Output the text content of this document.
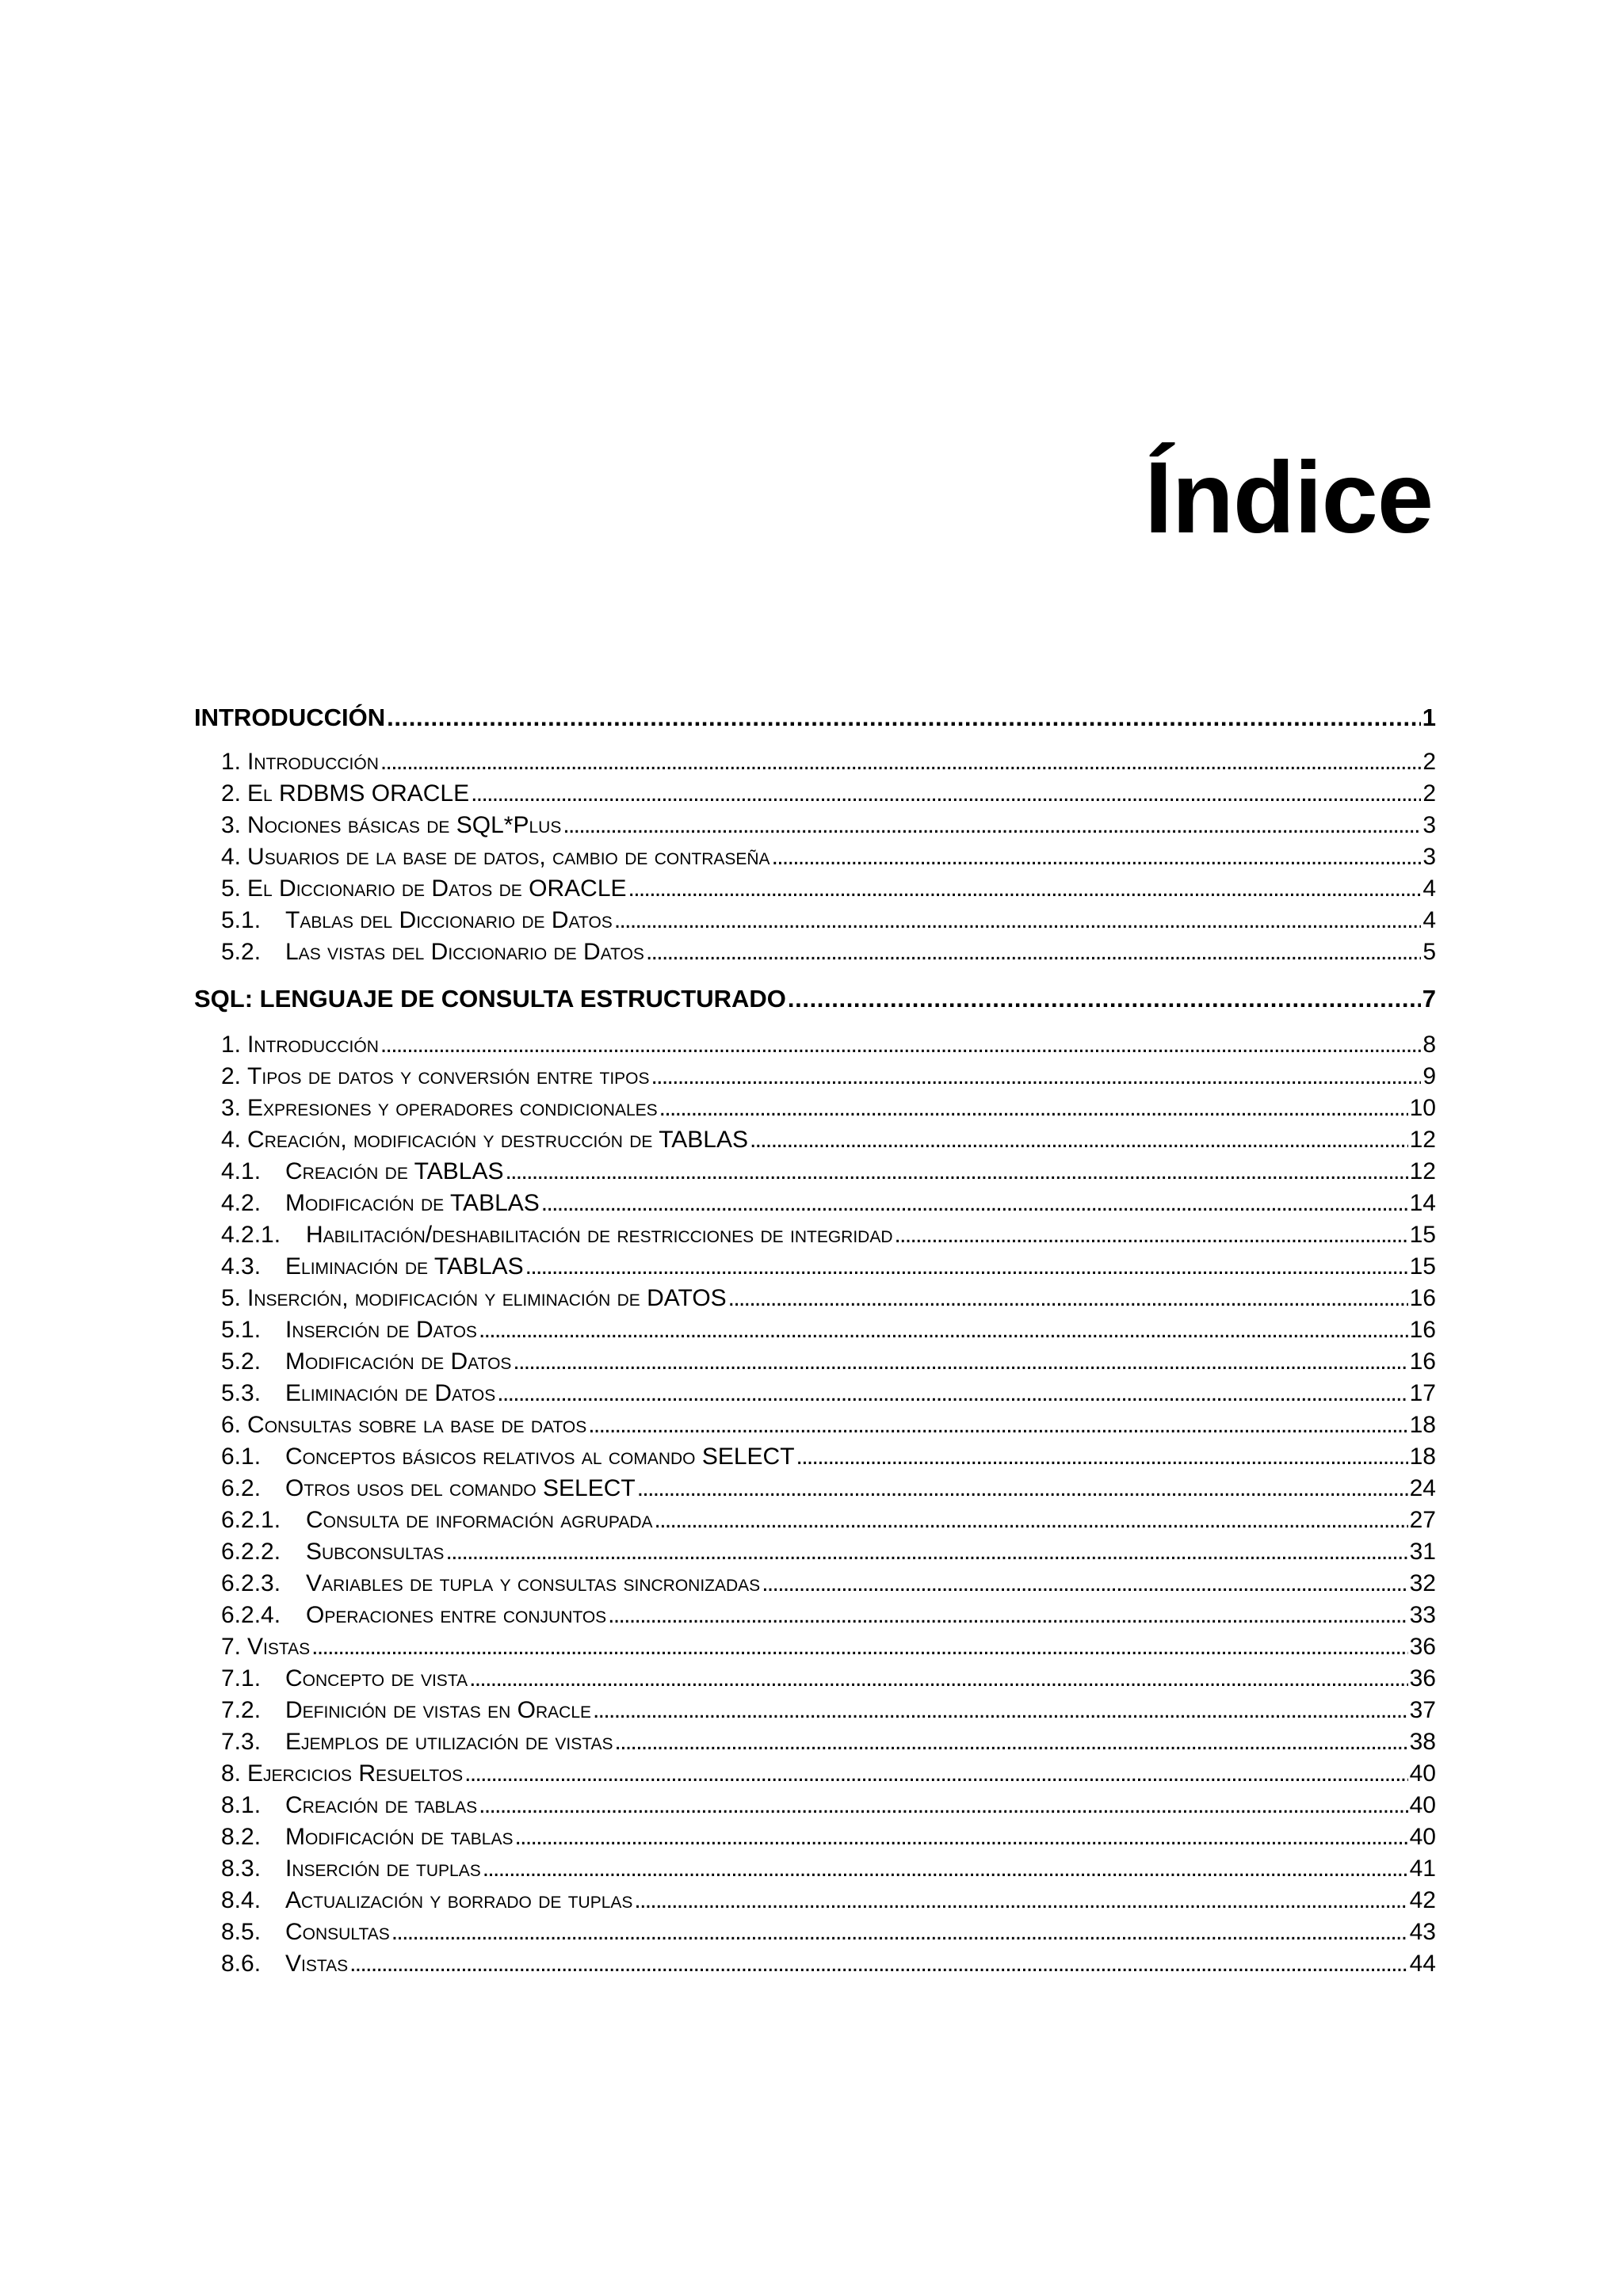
Índice
INTRODUCCIÓN . . .	1
1. Introducción . . .	2
2. El RDBMS ORACLE . . .	2
3. Nociones básicas de SQL*Plus . . .	3
4. Usuarios de la base de datos, cambio de contraseña . . .	3
5. El Diccionario de Datos de ORACLE . . .	4
5.1.	Tablas del Diccionario de Datos . . .	4
5.2.	Las vistas del Diccionario de Datos . . .	5
SQL: LENGUAJE DE CONSULTA ESTRUCTURADO . . .	7
1. Introducción . . .	8
2. Tipos de datos y conversión entre tipos . . .	9
3. Expresiones y operadores condicionales . . .	10
4. Creación, modificación y destrucción de TABLAS . . .	12
4.1.	Creación de TABLAS . . .	12
4.2.	Modificación de TABLAS . . .	14
4.2.1.	Habilitación/deshabilitación de restricciones de integridad . . .	15
4.3.	Eliminación de TABLAS . . .	15
5. Inserción, modificación y eliminación de DATOS . . .	16
5.1.	Inserción de Datos . . .	16
5.2.	Modificación de Datos . . .	16
5.3.	Eliminación de Datos . . .	17
6. Consultas sobre la base de datos . . .	18
6.1.	Conceptos básicos relativos al comando SELECT . . .	18
6.2.	Otros usos del comando SELECT . . .	24
6.2.1.	Consulta de información agrupada . . .	27
6.2.2.	Subconsultas . . .	31
6.2.3.	Variables de tupla y consultas sincronizadas . . .	32
6.2.4.	Operaciones entre conjuntos . . .	33
7. Vistas . . .	36
7.1.	Concepto de vista . . .	36
7.2.	Definición de vistas en Oracle . . .	37
7.3.	Ejemplos de utilización de vistas . . .	38
8. Ejercicios Resueltos . . .	40
8.1.	Creación de tablas . . .	40
8.2.	Modificación de tablas . . .	40
8.3.	Inserción de tuplas . . .	41
8.4.	Actualización y borrado de tuplas . . .	42
8.5.	Consultas . . .	43
8.6.	Vistas . . .	44
